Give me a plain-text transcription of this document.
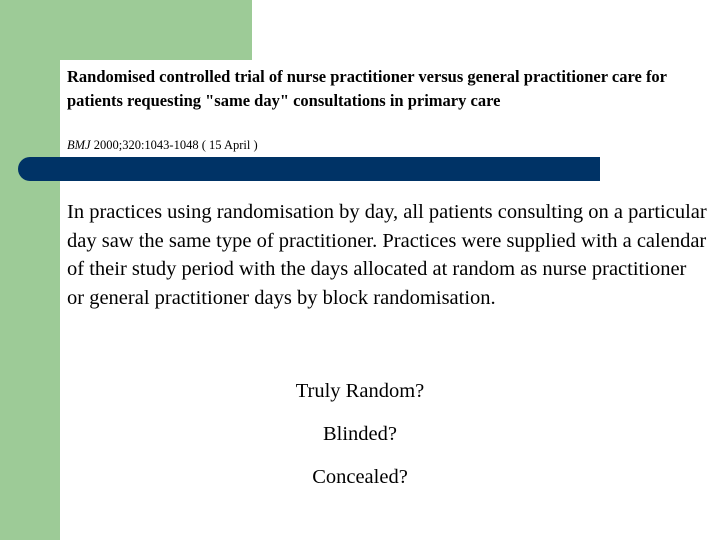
Randomised controlled trial of nurse practitioner versus general practitioner care for patients requesting "same day" consultations in primary care
BMJ 2000;320:1043-1048 ( 15 April )

In practices using randomisation by day, all patients consulting on a particular day saw the same type of practitioner. Practices were supplied with a calendar of their study period with the days allocated at random as nurse practitioner or general practitioner days by block randomisation.

Truly Random?
Blinded?
Concealed?
